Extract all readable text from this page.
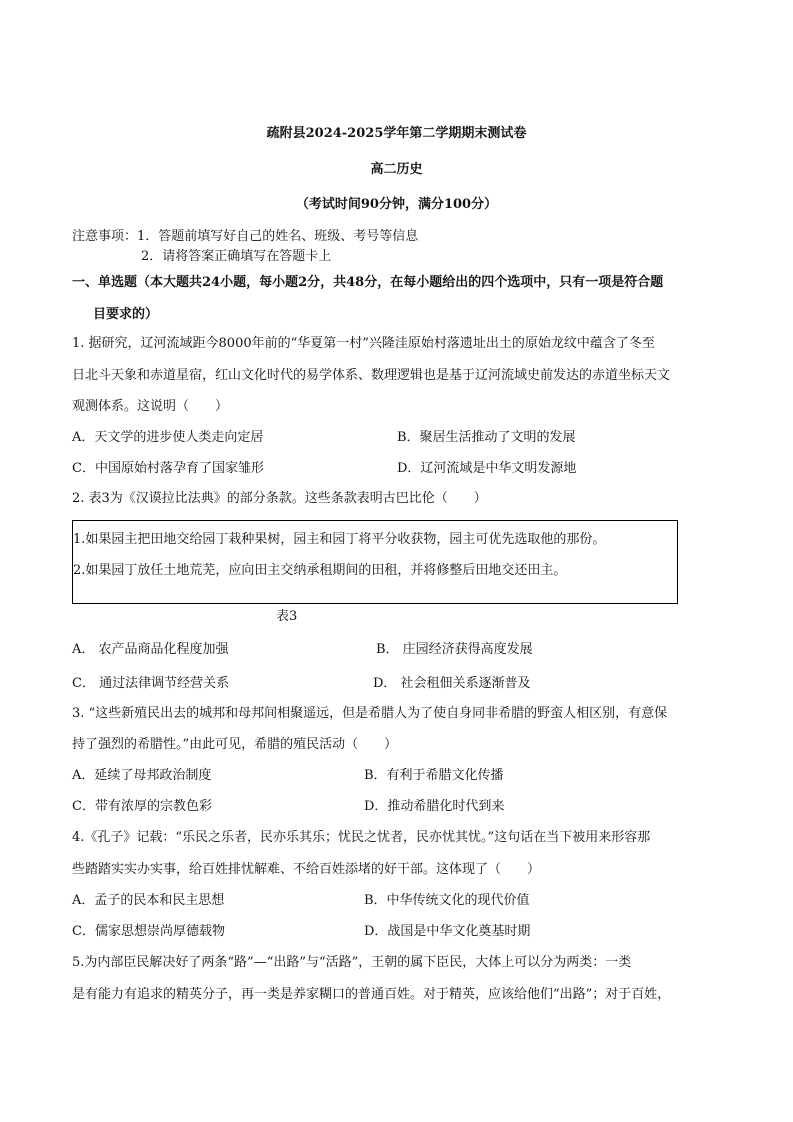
疏附县2024-2025学年第二学期期末测试卷
高二历史
（考试时间90分钟，满分100分）
注意事项：1．答题前填写好自己的姓名、班级、考号等信息
2．请将答案正确填写在答题卡上
一、单选题（本大题共24小题，每小题2分，共48分，在每小题给出的四个选项中，只有一项是符合题
目要求的）
1. 据研究，辽河流域距今8000年前的“华夏第一村”兴隆洼原始村落遗址出土的原始龙纹中蕴含了冬至
日北斗天象和赤道星宿，红山文化时代的易学体系、数理逻辑也是基于辽河流域史前发达的赤道坐标天文
观测体系。这说明（　　）
A．天文学的进步使人类走向定居	B．聚居生活推动了文明的发展
C．中国原始村落孕育了国家雏形	D．辽河流域是中华文明发源地
2. 表3为《汉谟拉比法典》的部分条款。这些条款表明古巴比伦（　　）
1.如果园主把田地交给园丁栽种果树，园主和园丁将平分收获物，园主可优先选取他的那份。
2.如果园丁放任土地荒芜，应向田主交纳承租期间的田租，并将修整后田地交还田主。
表3
A． 农产品商品化程度加强	B． 庄园经济获得高度发展
C． 通过法律调节经营关系	D． 社会租佃关系逐渐普及
3. “这些新殖民出去的城邦和母邦间相聚遥远，但是希腊人为了使自身同非希腊的野蛮人相区别，有意保
持了强烈的希腊性。”由此可见，希腊的殖民活动（　　）
A．延续了母邦政治制度	B．有利于希腊文化传播
C．带有浓厚的宗教色彩	D．推动希腊化时代到来
4.《孔子》记载：“乐民之乐者，民亦乐其乐；忧民之忧者，民亦忧其忧。”这句话在当下被用来形容那
些踏踏实实办实事，给百姓排忧解难、不给百姓添堵的好干部。这体现了（　　）
A．孟子的民本和民主思想	B．中华传统文化的现代价值
C．儒家思想崇尚厚德载物	D．战国是中华文化奠基时期
5.为内部臣民解决好了两条“路”—“出路”与“活路”，王朝的属下臣民，大体上可以分为两类：一类
是有能力有追求的精英分子，再一类是养家糊口的普通百姓。对于精英，应该给他们“出路”；对于百姓，
